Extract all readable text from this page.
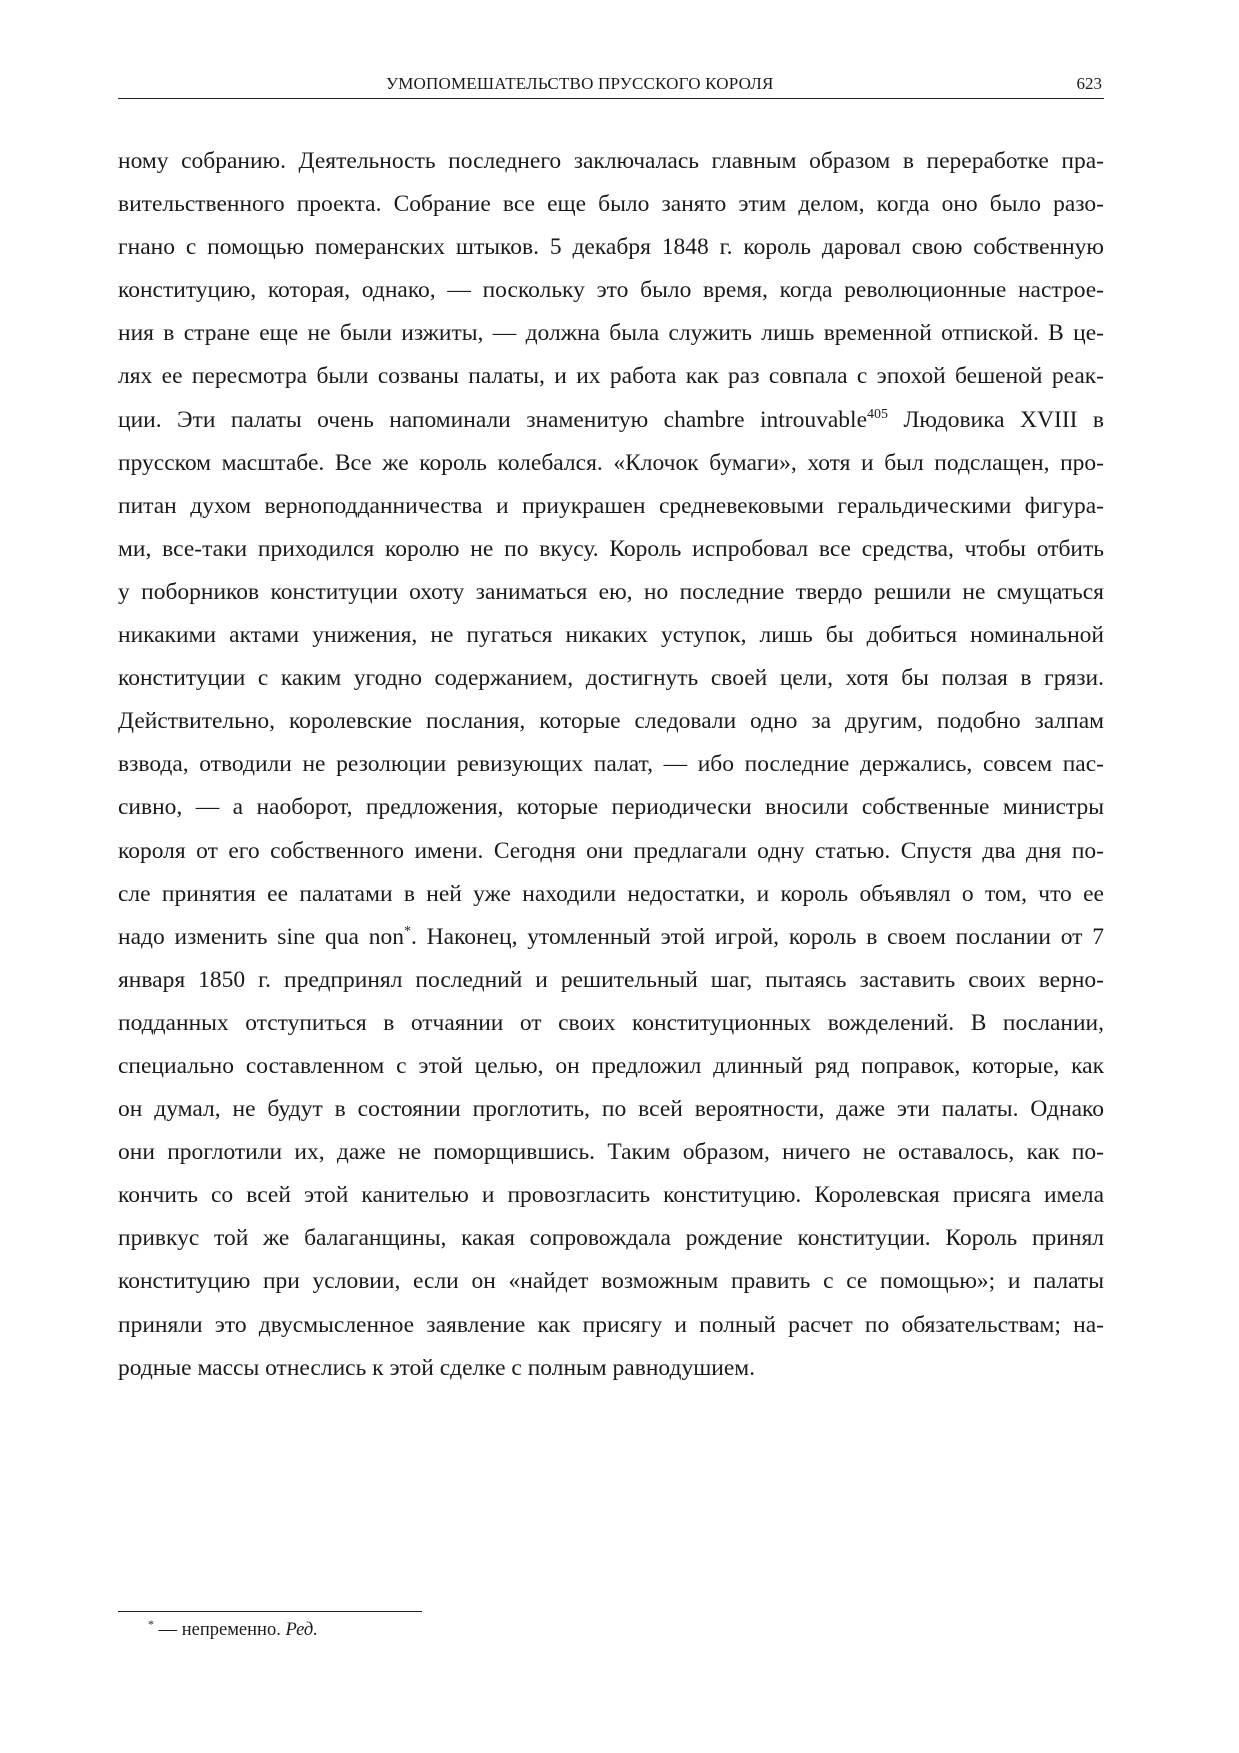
УМОПОМЕШАТЕЛЬСТВО ПРУССКОГО КОРОЛЯ	623
ному собранию. Деятельность последнего заключалась главным образом в переработке пра-
вительственного проекта. Собрание все еще было занято этим делом, когда оно было разо-
гнано с помощью померанских штыков. 5 декабря 1848 г. король даровал свою собственную
конституцию, которая, однако, — поскольку это было время, когда революционные настрое-
ния в стране еще не были изжиты, — должна была служить лишь временной отпиской. В це-
лях ее пересмотра были созваны палаты, и их работа как раз совпала с эпохой бешеной реак-
ции. Эти палаты очень напоминали знаменитую chambre introuvable$^{405}$ Людовика XVIII в
прусском масштабе. Все же король колебался. «Клочок бумаги», хотя и был подслащен, про-
питан духом верноподданничества и приукрашен средневековыми геральдическими фигура-
ми, все-таки приходился королю не по вкусу. Король испробовал все средства, чтобы отбить
у поборников конституции охоту заниматься ею, но последние твердо решили не смущаться
никакими актами унижения, не пугаться никаких уступок, лишь бы добиться номинальной
конституции с каким угодно содержанием, достигнуть своей цели, хотя бы ползая в грязи.
Действительно, королевские послания, которые следовали одно за другим, подобно залпам
взвода, отводили не резолюции ревизующих палат, — ибо последние держались, совсем пас-
сивно, — а наоборот, предложения, которые периодически вносили собственные министры
короля от его собственного имени. Сегодня они предлагали одну статью. Спустя два дня по-
сле принятия ее палатами в ней уже находили недостатки, и король объявлял о том, что ее
надо изменить sine qua non*. Наконец, утомленный этой игрой, король в своем послании от 7
января 1850 г. предпринял последний и решительный шаг, пытаясь заставить своих верно-
подданных отступиться в отчаянии от своих конституционных вожделений. В послании,
специально составленном с этой целью, он предложил длинный ряд поправок, которые, как
он думал, не будут в состоянии проглотить, по всей вероятности, даже эти палаты. Однако
они проглотили их, даже не поморщившись. Таким образом, ничего не оставалось, как по-
кончить со всей этой канителью и провозгласить конституцию. Королевская присяга имела
привкус той же балаганщины, какая сопровождала рождение конституции. Король принял
конституцию при условии, если он «найдет возможным править с се помощью»; и палаты
приняли это двусмысленное заявление как присягу и полный расчет по обязательствам; на-
родные массы отнеслись к этой сделке с полным равнодушием.
* — непременно. Ред.
